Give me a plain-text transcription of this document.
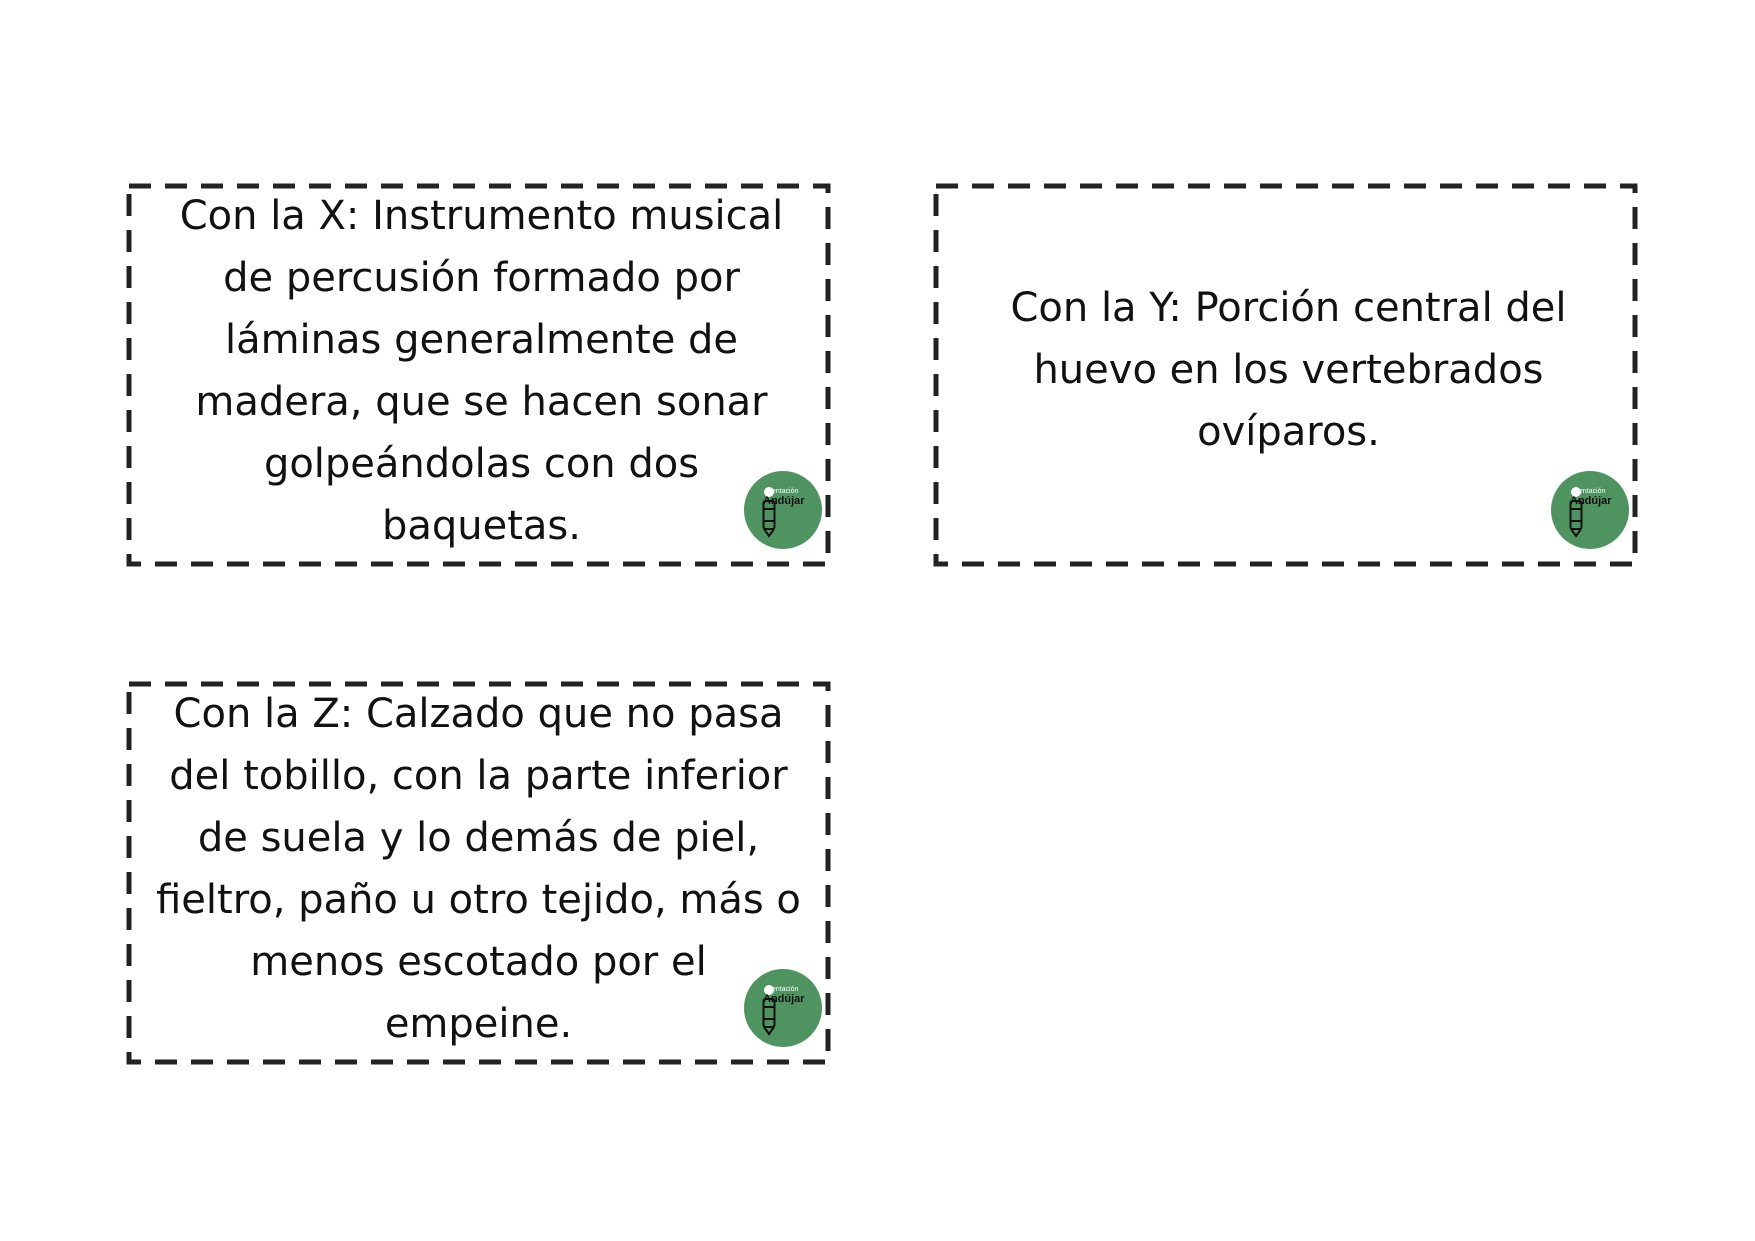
Con la X: Instrumento musical
de percusión formado por
láminas generalmente de
madera, que se hacen sonar
golpeándolas con dos
baquetas.
rientación
Andújar
Con la Y: Porción central del
huevo en los vertebrados
ovíparos.
rientación
Andújar
Con la Z: Calzado que no pasa
del tobillo, con la parte inferior
de suela y lo demás de piel,
fieltro, paño u otro tejido, más o
menos escotado por el
empeine.
rientación
Andújar
